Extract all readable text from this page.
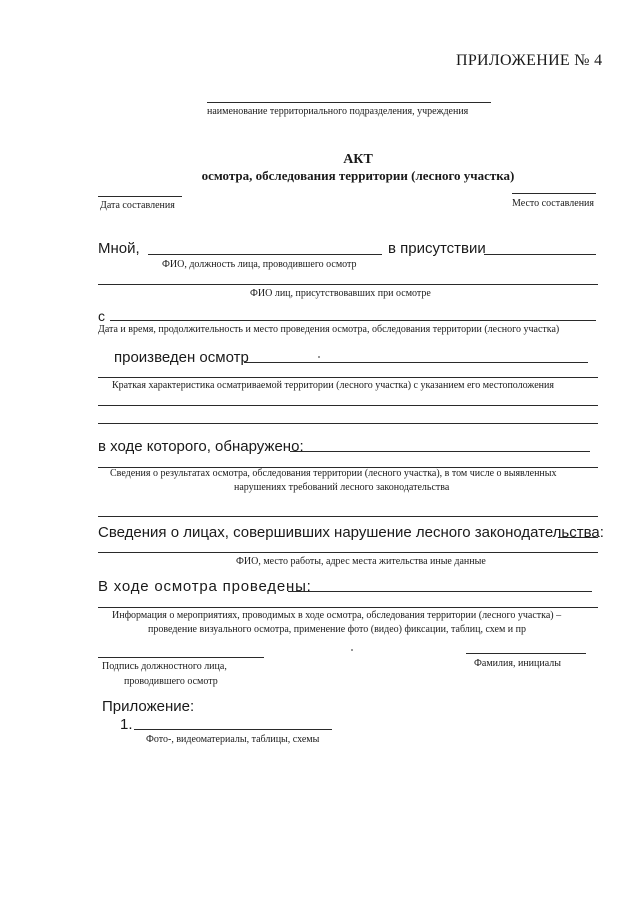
ПРИЛОЖЕНИЕ № 4
наименование территориального подразделения, учреждения
АКТ
осмотра, обследования территории (лесного участка)
Дата составления	Место составления
Мной,	в присутствии
ФИО, должность лица, проводившего осмотр
ФИО лиц, присутствовавших при осмотре
с
Дата и время, продолжительность и место проведения осмотра, обследования территории (лесного участка)
произведен осмотр
Краткая характеристика осматриваемой территории (лесного участка) с указанием его местоположения
в ходе которого, обнаружено:
Сведения о результатах осмотра, обследования территории (лесного участка), в том числе о выявленных
нарушениях требований лесного законодательства
Сведения о лицах, совершивших нарушение лесного законодательства:
ФИО, место работы, адрес места жительства иные данные
В ходе осмотра проведены:
Информация о мероприятиях, проводимых в ходе осмотра, обследования территории (лесного участка) –
проведение визуального осмотра, применение фото (видео) фиксации, таблиц, схем и пр
Подпись должностного лица,
проводившего осмотр
Фамилия, инициалы
Приложение:
1.
Фото-, видеоматериалы, таблицы, схемы
